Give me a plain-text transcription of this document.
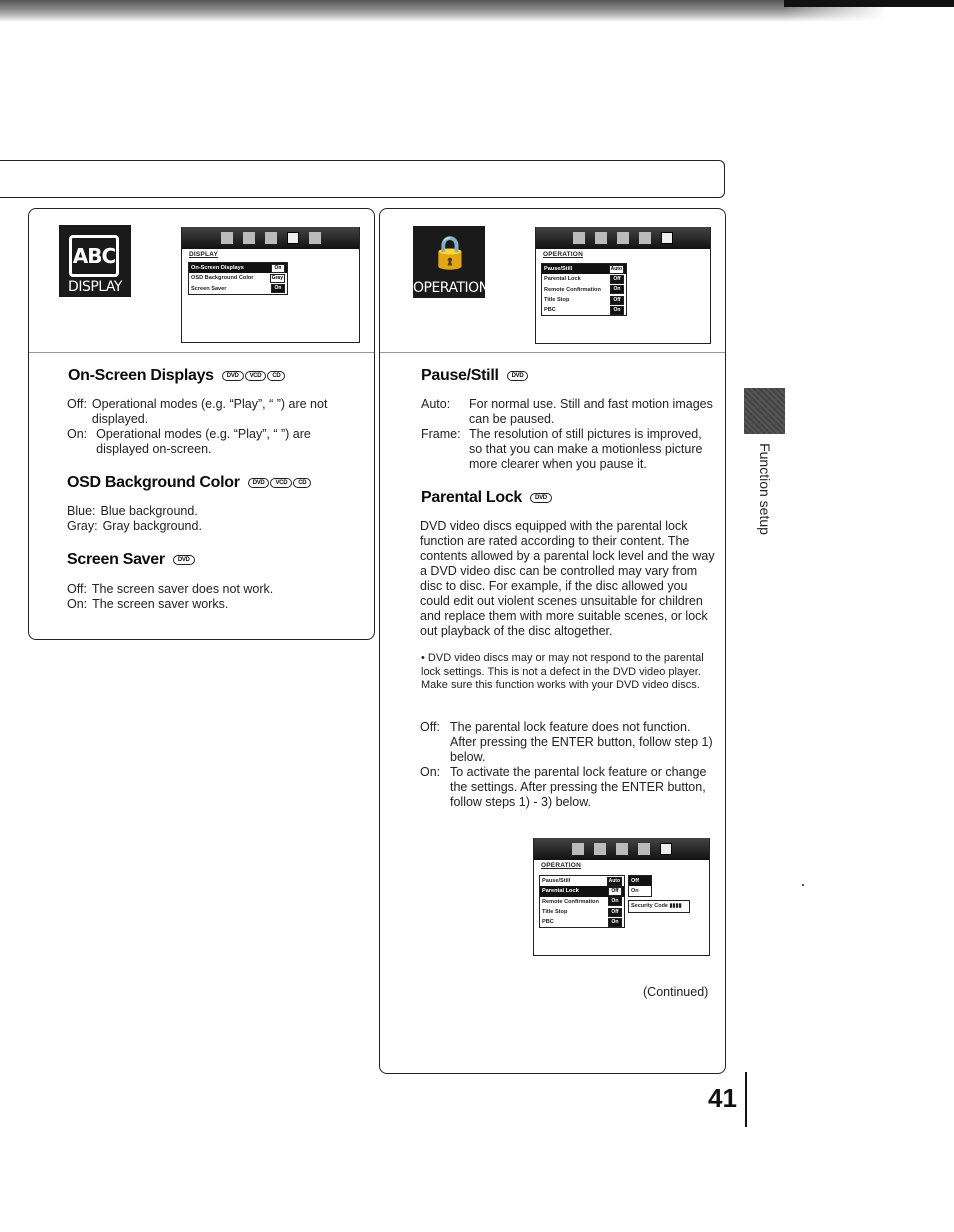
ABC
DISPLAY
DISPLAY
On-Screen Displays	On
OSD Background Color	Gray
Screen Saver	On
On-Screen Displays	DVD	VCD	CD
Off: Operational modes (e.g. “Play”, “ ”) are not displayed.
On: Operational modes (e.g. “Play”, “ ”) are displayed on-screen.
OSD Background Color	DVD	VCD	CD
Blue: Blue background.
Gray: Gray background.
Screen Saver	DVD
Off: The screen saver does not work.
On: The screen saver works.
🔒
OPERATION
OPERATION
Pause/Still	Auto
Parental Lock	Off
Remote Confirmation	On
Title Stop	Off
PBC	On
Pause/Still	DVD
Auto:	For normal use. Still and fast motion images can be paused.
Frame: The resolution of still pictures is improved, so that you can make a motionless picture more clearer when you pause it.
Parental Lock	DVD
DVD video discs equipped with the parental lock function are rated according to their content. The contents allowed by a parental lock level and the way a DVD video disc can be controlled may vary from disc to disc. For example, if the disc allowed you could edit out violent scenes unsuitable for children and replace them with more suitable scenes, or lock out playback of the disc altogether.
• DVD video discs may or may not respond to the parental lock settings. This is not a defect in the DVD video player. Make sure this function works with your DVD video discs.
Off: The parental lock feature does not function. After pressing the ENTER button, follow step 1) below.
On: To activate the parental lock feature or change the settings. After pressing the ENTER button, follow steps 1) - 3) below.
OPERATION
Pause/Still	Auto
Parental Lock	Off
Remote Confirmation	On
Title Stop	Off
PBC	On
Off
On
Security Code ▮▮▮▮
(Continued)
Function setup
41
